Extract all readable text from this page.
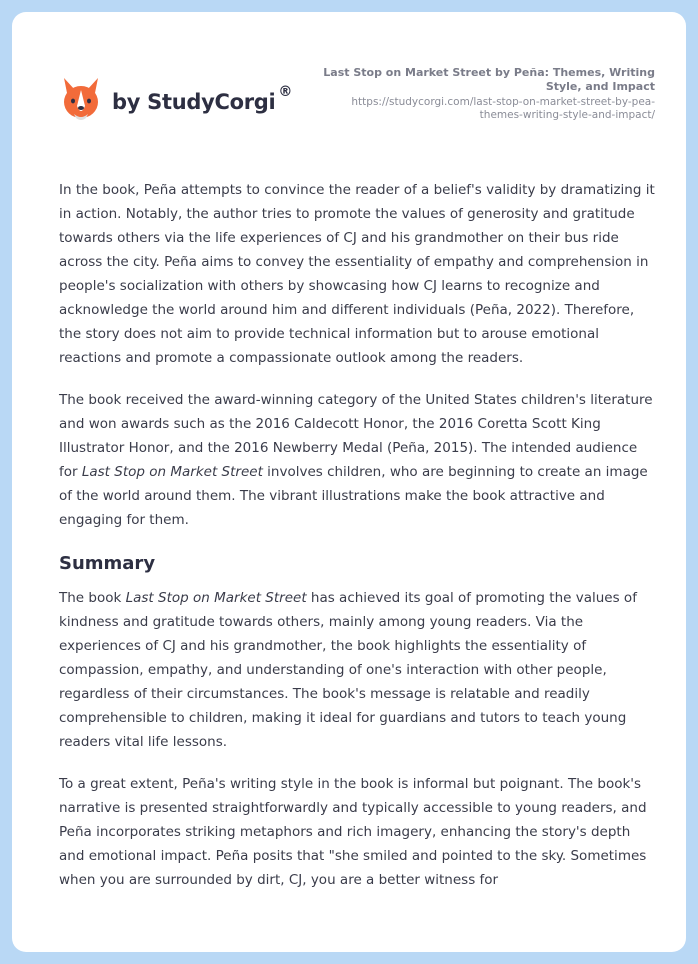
by StudyCorgi ®
Last Stop on Market Street by Peña: Themes, Writing Style, and Impact
https://studycorgi.com/last-stop-on-market-street-by-pea-themes-writing-style-and-impact/

In the book, Peña attempts to convince the reader of a belief's validity by dramatizing it in action. Notably, the author tries to promote the values of generosity and gratitude towards others via the life experiences of CJ and his grandmother on their bus ride across the city. Peña aims to convey the essentiality of empathy and comprehension in people's socialization with others by showcasing how CJ learns to recognize and acknowledge the world around him and different individuals (Peña, 2022). Therefore, the story does not aim to provide technical information but to arouse emotional reactions and promote a compassionate outlook among the readers.

The book received the award-winning category of the United States children's literature and won awards such as the 2016 Caldecott Honor, the 2016 Coretta Scott King Illustrator Honor, and the 2016 Newberry Medal (Peña, 2015). The intended audience for Last Stop on Market Street involves children, who are beginning to create an image of the world around them. The vibrant illustrations make the book attractive and engaging for them.

Summary

The book Last Stop on Market Street has achieved its goal of promoting the values of kindness and gratitude towards others, mainly among young readers. Via the experiences of CJ and his grandmother, the book highlights the essentiality of compassion, empathy, and understanding of one's interaction with other people, regardless of their circumstances. The book's message is relatable and readily comprehensible to children, making it ideal for guardians and tutors to teach young readers vital life lessons.

To a great extent, Peña's writing style in the book is informal but poignant. The book's narrative is presented straightforwardly and typically accessible to young readers, and Peña incorporates striking metaphors and rich imagery, enhancing the story's depth and emotional impact. Peña posits that "she smiled and pointed to the sky. Sometimes when you are surrounded by dirt, CJ, you are a better witness for
